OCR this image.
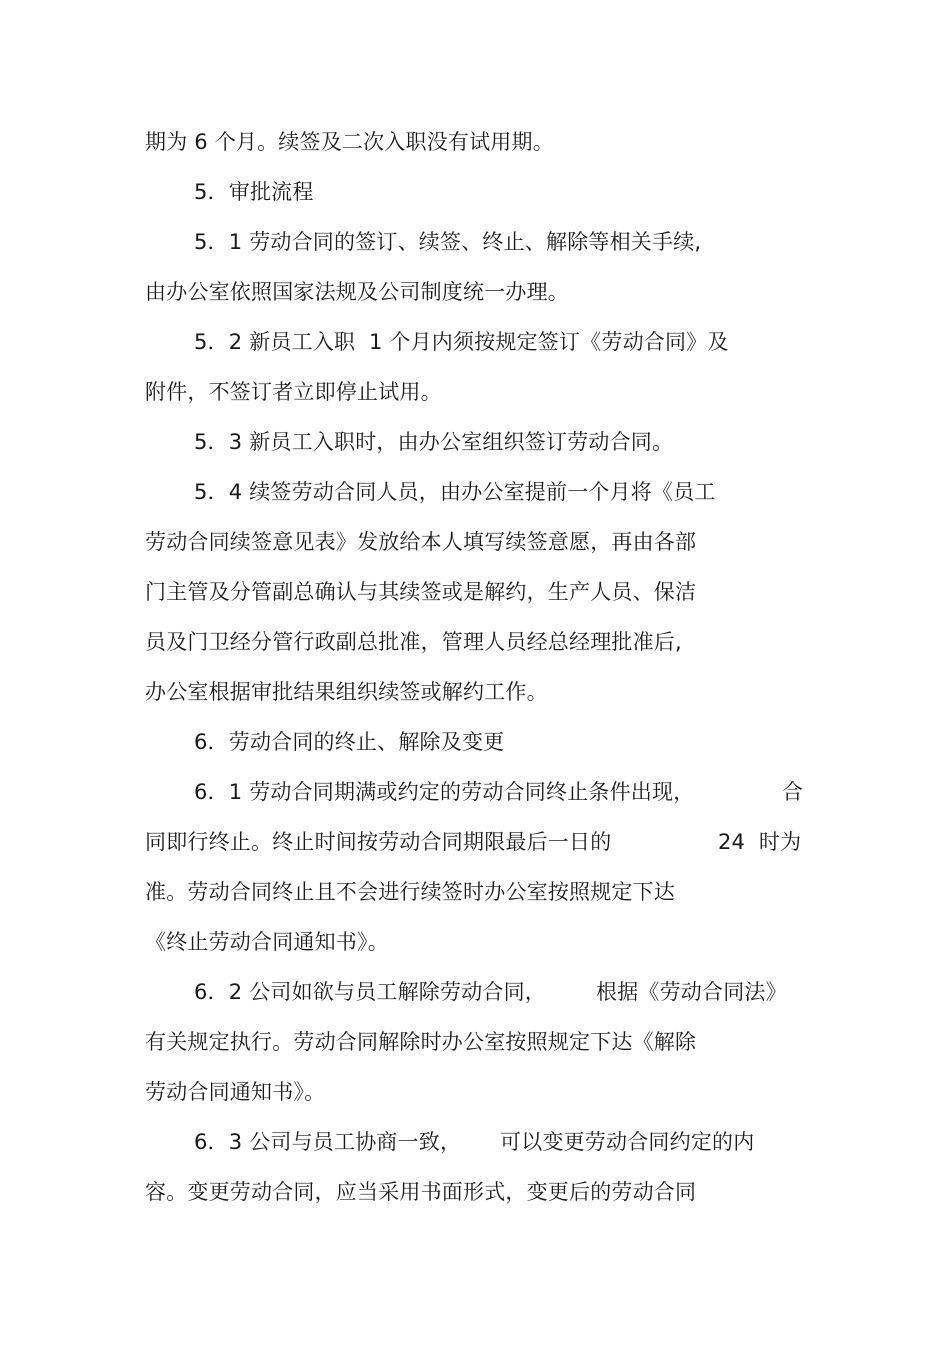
期为 6 个月。续签及二次入职没有试用期。

5．审批流程

5．1 劳动合同的签订、续签、终止、解除等相关手续,

由办公室依照国家法规及公司制度统一办理。

5．2 新员工入职  1 个月内须按规定签订《劳动合同》及

附件，不签订者立即停止试用。

5．3 新员工入职时，由办公室组织签订劳动合同。

5．4 续签劳动合同人员，由办公室提前一个月将《员工

劳动合同续签意见表》发放给本人填写续签意愿，再由各部

门主管及分管副总确认与其续签或是解约，生产人员、保洁

员及门卫经分管行政副总批准，管理人员经总经理批准后,

办公室根据审批结果组织续签或解约工作。

6．劳动合同的终止、解除及变更

6．1 劳动合同期满或约定的劳动合同终止条件出现，

	合

同即行终止。终止时间按劳动合同期限最后一日的

	24  时为

准。劳动合同终止且不会进行续签时办公室按照规定下达

《终止劳动合同通知书》。

6．2 公司如欲与员工解除劳动合同，

根据《劳动合同法》

有关规定执行。劳动合同解除时办公室按照规定下达《解除

劳动合同通知书》。

6．3 公司与员工协商一致，

可以变更劳动合同约定的内

容。变更劳动合同，应当采用书面形式，变更后的劳动合同
